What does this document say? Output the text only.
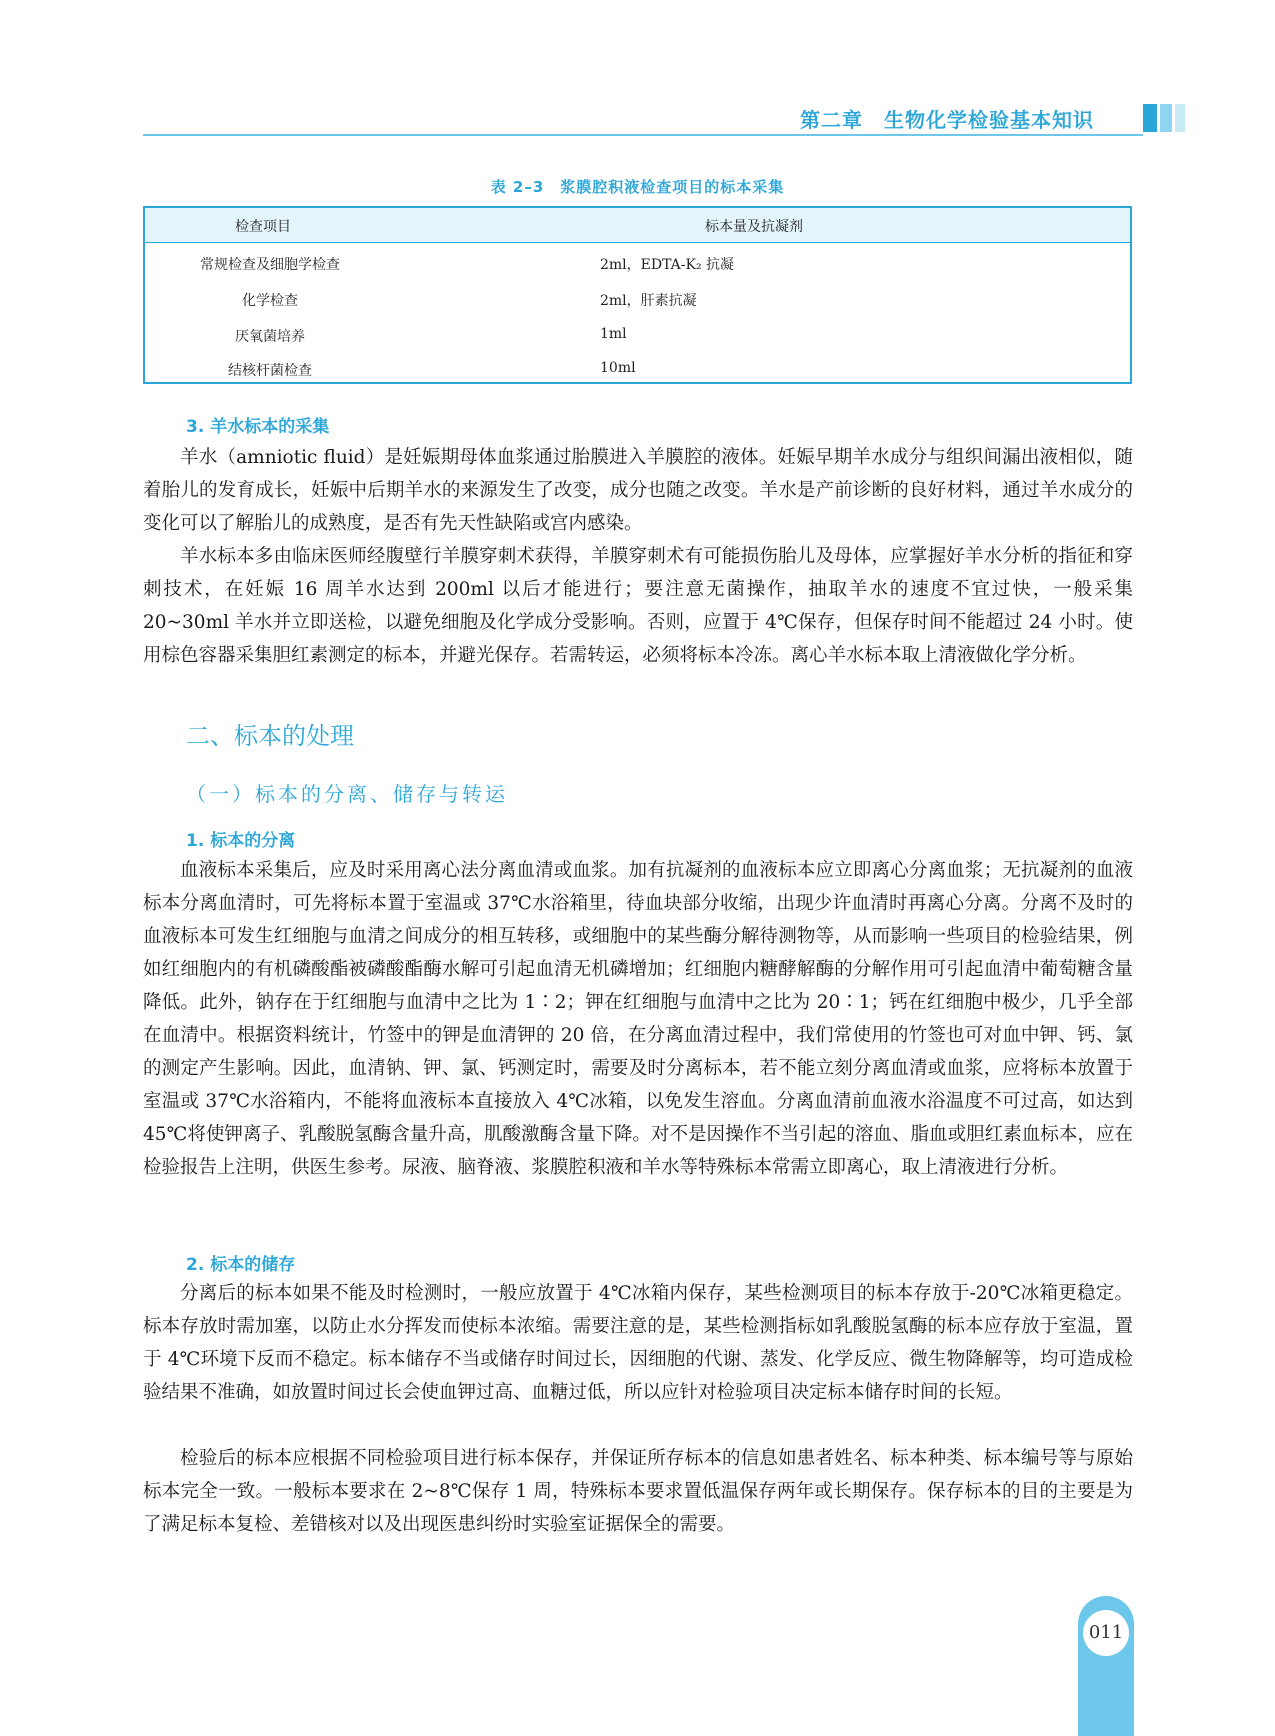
第二章　生物化学检验基本知识
表 2–3　浆膜腔积液检查项目的标本采集
检查项目	标本量及抗凝剂
常规检查及细胞学检查	2ml，EDTA-K₂ 抗凝
化学检查	2ml，肝素抗凝
厌氧菌培养	1ml
结核杆菌检查	10ml
3. 羊水标本的采集

羊水（amniotic fluid）是妊娠期母体血浆通过胎膜进入羊膜腔的液体。妊娠早期羊水成分与组织间漏出液相似，随着胎儿的发育成长，妊娠中后期羊水的来源发生了改变，成分也随之改变。羊水是产前诊断的良好材料，通过羊水成分的变化可以了解胎儿的成熟度，是否有先天性缺陷或宫内感染。

羊水标本多由临床医师经腹壁行羊膜穿刺术获得，羊膜穿刺术有可能损伤胎儿及母体，应掌握好羊水分析的指征和穿刺技术，在妊娠 16 周羊水达到 200ml 以后才能进行；要注意无菌操作，抽取羊水的速度不宜过快，一般采集 20~30ml 羊水并立即送检，以避免细胞及化学成分受影响。否则，应置于 4℃保存，但保存时间不能超过 24 小时。使用棕色容器采集胆红素测定的标本，并避光保存。若需转运，必须将标本冷冻。离心羊水标本取上清液做化学分析。

二、标本的处理
（一）标本的分离、储存与转运
1. 标本的分离

血液标本采集后，应及时采用离心法分离血清或血浆。加有抗凝剂的血液标本应立即离心分离血浆；无抗凝剂的血液标本分离血清时，可先将标本置于室温或 37℃水浴箱里，待血块部分收缩，出现少许血清时再离心分离。分离不及时的血液标本可发生红细胞与血清之间成分的相互转移，或细胞中的某些酶分解待测物等，从而影响一些项目的检验结果，例如红细胞内的有机磷酸酯被磷酸酯酶水解可引起血清无机磷增加；红细胞内糖酵解酶的分解作用可引起血清中葡萄糖含量降低。此外，钠存在于红细胞与血清中之比为 1∶2；钾在红细胞与血清中之比为 20∶1；钙在红细胞中极少，几乎全部在血清中。根据资料统计，竹签中的钾是血清钾的 20 倍，在分离血清过程中，我们常使用的竹签也可对血中钾、钙、氯的测定产生影响。因此，血清钠、钾、氯、钙测定时，需要及时分离标本，若不能立刻分离血清或血浆，应将标本放置于室温或 37℃水浴箱内，不能将血液标本直接放入 4℃冰箱，以免发生溶血。分离血清前血液水浴温度不可过高，如达到 45℃将使钾离子、乳酸脱氢酶含量升高，肌酸激酶含量下降。对不是因操作不当引起的溶血、脂血或胆红素血标本，应在检验报告上注明，供医生参考。尿液、脑脊液、浆膜腔积液和羊水等特殊标本常需立即离心，取上清液进行分析。

2. 标本的储存

分离后的标本如果不能及时检测时，一般应放置于 4℃冰箱内保存，某些检测项目的标本存放于-20℃冰箱更稳定。标本存放时需加塞，以防止水分挥发而使标本浓缩。需要注意的是，某些检测指标如乳酸脱氢酶的标本应存放于室温，置于 4℃环境下反而不稳定。标本储存不当或储存时间过长，因细胞的代谢、蒸发、化学反应、微生物降解等，均可造成检验结果不准确，如放置时间过长会使血钾过高、血糖过低，所以应针对检验项目决定标本储存时间的长短。

检验后的标本应根据不同检验项目进行标本保存，并保证所存标本的信息如患者姓名、标本种类、标本编号等与原始标本完全一致。一般标本要求在 2~8℃保存 1 周，特殊标本要求置低温保存两年或长期保存。保存标本的目的主要是为了满足标本复检、差错核对以及出现医患纠纷时实验室证据保全的需要。

011
